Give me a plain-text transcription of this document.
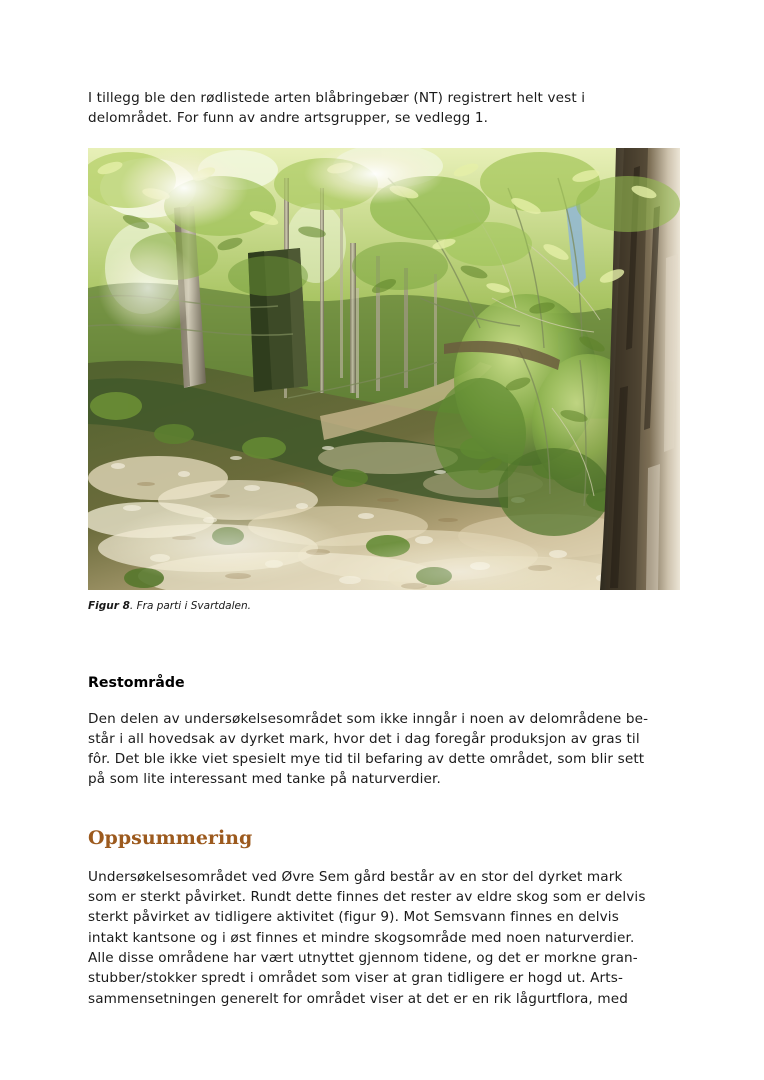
I tillegg ble den rødlistede arten blåbringebær (NT) registrert helt vest i
delområdet. For funn av andre artsgrupper, se vedlegg 1.

Figur 8. Fra parti i Svartdalen.
Restområde

Den delen av undersøkelsesområdet som ikke inngår i noen av delområdene be-
står i all hovedsak av dyrket mark, hvor det i dag foregår produksjon av gras til
fôr. Det ble ikke viet spesielt mye tid til befaring av dette området, som blir sett
på som lite interessant med tanke på naturverdier.

Oppsummering

Undersøkelsesområdet ved Øvre Sem gård består av en stor del dyrket mark
som er sterkt påvirket. Rundt dette finnes det rester av eldre skog som er delvis
sterkt påvirket av tidligere aktivitet (figur 9). Mot Semsvann finnes en delvis
intakt kantsone og i øst finnes et mindre skogsområde med noen naturverdier.
Alle disse områdene har vært utnyttet gjennom tidene, og det er morkne gran-
stubber/stokker spredt i området som viser at gran tidligere er hogd ut. Arts-
sammensetningen generelt for området viser at det er en rik lågurtflora, med
